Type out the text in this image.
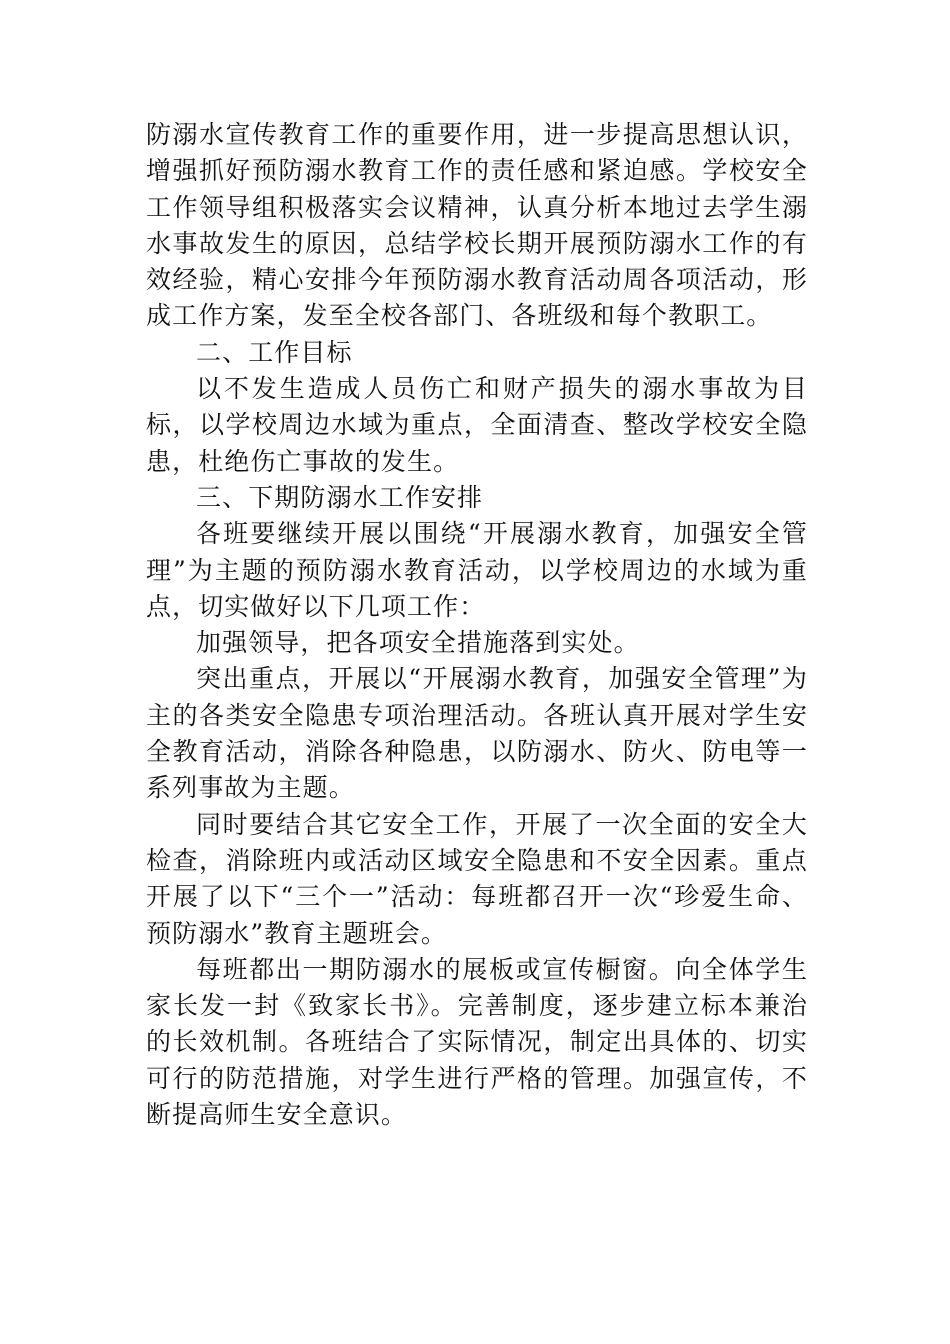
防溺水宣传教育工作的重要作用，进一步提高思想认识，增强抓好预防溺水教育工作的责任感和紧迫感。学校安全工作领导组积极落实会议精神，认真分析本地过去学生溺水事故发生的原因，总结学校长期开展预防溺水工作的有效经验，精心安排今年预防溺水教育活动周各项活动，形成工作方案，发至全校各部门、各班级和每个教职工。

二、工作目标

以不发生造成人员伤亡和财产损失的溺水事故为目标，以学校周边水域为重点，全面清查、整改学校安全隐患，杜绝伤亡事故的发生。

三、下期防溺水工作安排

各班要继续开展以围绕“开展溺水教育，加强安全管理”为主题的预防溺水教育活动，以学校周边的水域为重点，切实做好以下几项工作：

加强领导，把各项安全措施落到实处。

突出重点，开展以“开展溺水教育，加强安全管理”为主的各类安全隐患专项治理活动。各班认真开展对学生安全教育活动，消除各种隐患，以防溺水、防火、防电等一系列事故为主题。

同时要结合其它安全工作，开展了一次全面的安全大检查，消除班内或活动区域安全隐患和不安全因素。重点开展了以下“三个一”活动：每班都召开一次“珍爱生命、预防溺水”教育主题班会。

每班都出一期防溺水的展板或宣传橱窗。向全体学生家长发一封《致家长书》。完善制度，逐步建立标本兼治的长效机制。各班结合了实际情况，制定出具体的、切实可行的防范措施，对学生进行严格的管理。加强宣传，不断提高师生安全意识。
